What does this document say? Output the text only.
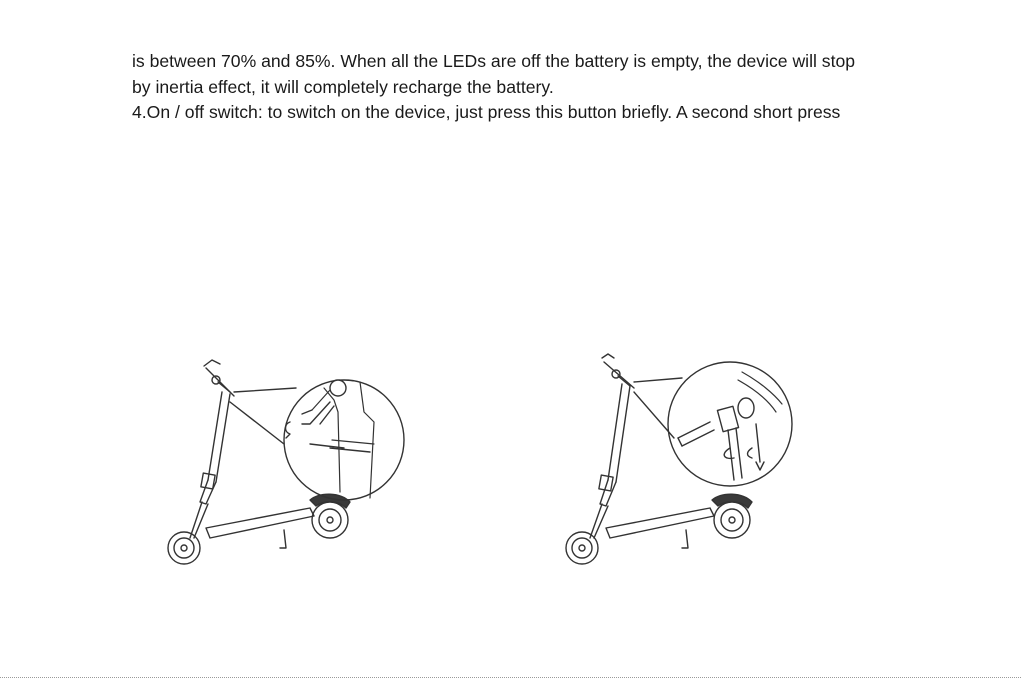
is between 70% and 85%. When all the LEDs are off the battery is empty, the device will stop

by inertia effect, it will completely recharge the battery.

4.On / off switch: to switch on the device, just press this button briefly. A second short press
